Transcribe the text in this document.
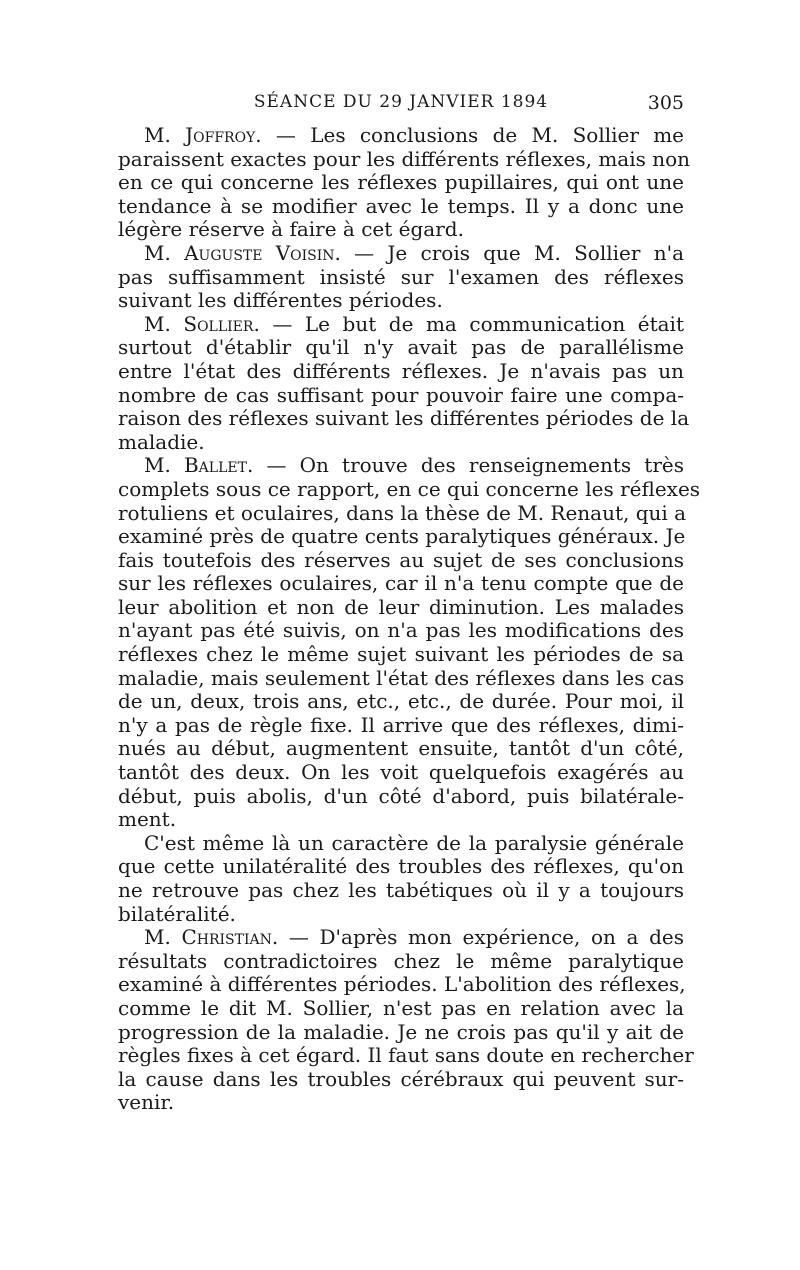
SÉANCE DU 29 JANVIER 1894	305
M. Joffroy. — Les conclusions de M. Sollier me
paraissent exactes pour les différents réflexes, mais non
en ce qui concerne les réflexes pupillaires, qui ont une
tendance à se modifier avec le temps. Il y a donc une
légère réserve à faire à cet égard.
M. Auguste Voisin. — Je crois que M. Sollier n'a
pas suffisamment insisté sur l'examen des réflexes
suivant les différentes périodes.
M. Sollier. — Le but de ma communication était
surtout d'établir qu'il n'y avait pas de parallélisme
entre l'état des différents réflexes. Je n'avais pas un
nombre de cas suffisant pour pouvoir faire une compa-
raison des réflexes suivant les différentes périodes de la
maladie.
M. Ballet. — On trouve des renseignements très
complets sous ce rapport, en ce qui concerne les réflexes
rotuliens et oculaires, dans la thèse de M. Renaut, qui a
examiné près de quatre cents paralytiques généraux. Je
fais toutefois des réserves au sujet de ses conclusions
sur les réflexes oculaires, car il n'a tenu compte que de
leur abolition et non de leur diminution. Les malades
n'ayant pas été suivis, on n'a pas les modifications des
réflexes chez le même sujet suivant les périodes de sa
maladie, mais seulement l'état des réflexes dans les cas
de un, deux, trois ans, etc., etc., de durée. Pour moi, il
n'y a pas de règle fixe. Il arrive que des réflexes, dimi-
nués au début, augmentent ensuite, tantôt d'un côté,
tantôt des deux. On les voit quelquefois exagérés au
début, puis abolis, d'un côté d'abord, puis bilatérale-
ment.
C'est même là un caractère de la paralysie générale
que cette unilatéralité des troubles des réflexes, qu'on
ne retrouve pas chez les tabétiques où il y a toujours
bilatéralité.
M. Christian. — D'après mon expérience, on a des
résultats contradictoires chez le même paralytique
examiné à différentes périodes. L'abolition des réflexes,
comme le dit M. Sollier, n'est pas en relation avec la
progression de la maladie. Je ne crois pas qu'il y ait de
règles fixes à cet égard. Il faut sans doute en rechercher
la cause dans les troubles cérébraux qui peuvent sur-
venir.
